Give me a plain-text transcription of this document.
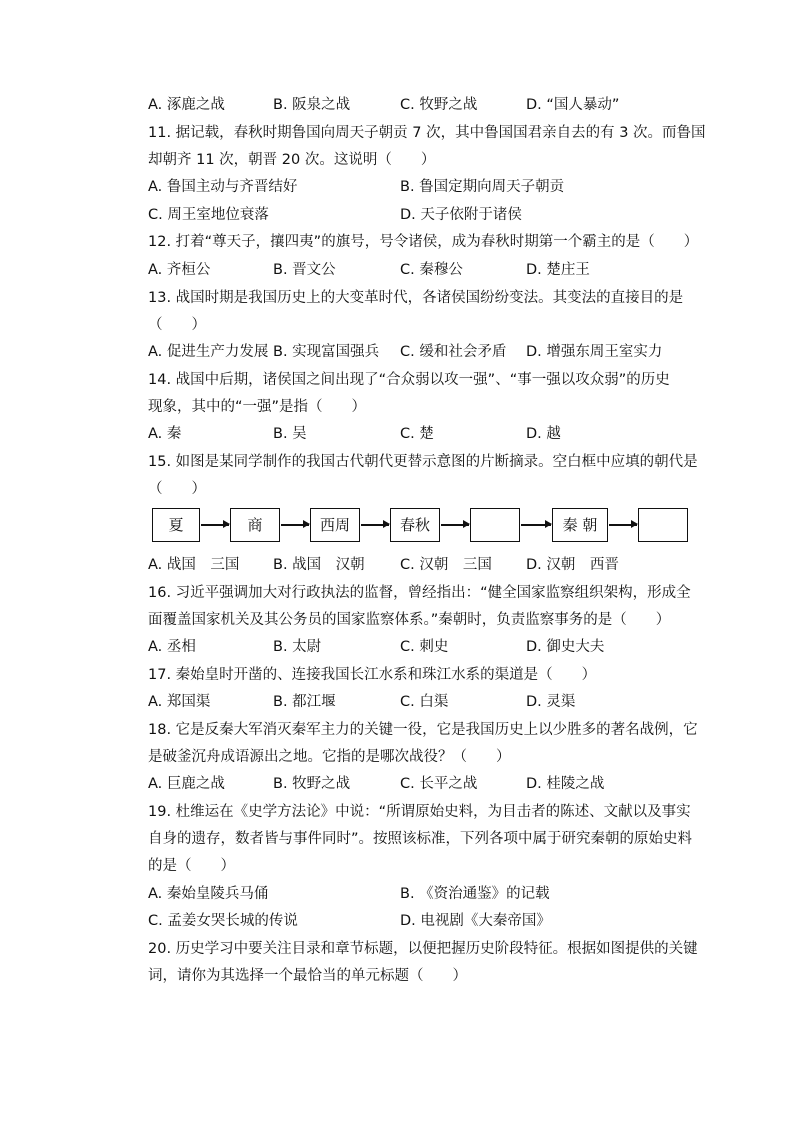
A. 涿鹿之战	B. 阪泉之战	C. 牧野之战	D. “国人暴动”
11. 据记载，春秋时期鲁国向周天子朝贡 7 次，其中鲁国国君亲自去的有 3 次。而鲁国
却朝齐 11 次，朝晋 20 次。这说明（　　）
A. 鲁国主动与齐晋结好	B. 鲁国定期向周天子朝贡
C. 周王室地位衰落	D. 天子依附于诸侯
12. 打着“尊天子，攘四夷”的旗号，号令诸侯，成为春秋时期第一个霸主的是（　　）
A. 齐桓公	B. 晋文公	C. 秦穆公	D. 楚庄王
13. 战国时期是我国历史上的大变革时代，各诸侯国纷纷变法。其变法的直接目的是
（　　）
A. 促进生产力发展 B. 实现富国强兵 C. 缓和社会矛盾 D. 增强东周王室实力
14. 战国中后期，诸侯国之间出现了“合众弱以攻一强”、“事一强以攻众弱”的历史
现象，其中的“一强”是指（　　）
A. 秦	B. 吴	C. 楚	D. 越
15. 如图是某同学制作的我国古代朝代更替示意图的片断摘录。空白框中应填的朝代是
（　　）
夏	商	西周	春秋	秦 朝
A. 战国　三国 B. 战国　汉朝 C. 汉朝　三国 D. 汉朝　西晋
16. 习近平强调加大对行政执法的监督，曾经指出：“健全国家监察组织架构，形成全
面覆盖国家机关及其公务员的国家监察体系。”秦朝时，负责监察事务的是（　　）
A. 丞相	B. 太尉	C. 刺史	D. 御史大夫
17. 秦始皇时开凿的、连接我国长江水系和珠江水系的渠道是（　　）
A. 郑国渠	B. 都江堰	C. 白渠	D. 灵渠
18. 它是反秦大军消灭秦军主力的关键一役，它是我国历史上以少胜多的著名战例，它
是破釜沉舟成语源出之地。它指的是哪次战役？（　　）
A. 巨鹿之战	B. 牧野之战	C. 长平之战	D. 桂陵之战
19. 杜维运在《史学方法论》中说：“所谓原始史料，为目击者的陈述、文献以及事实
自身的遗存，数者皆与事件同时”。按照该标准，下列各项中属于研究秦朝的原始史料
的是（　　）
A. 秦始皇陵兵马俑	B. 《资治通鉴》的记载
C. 孟姜女哭长城的传说	D. 电视剧《大秦帝国》
20. 历史学习中要关注目录和章节标题，以便把握历史阶段特征。根据如图提供的关键
词，请你为其选择一个最恰当的单元标题（　　）
